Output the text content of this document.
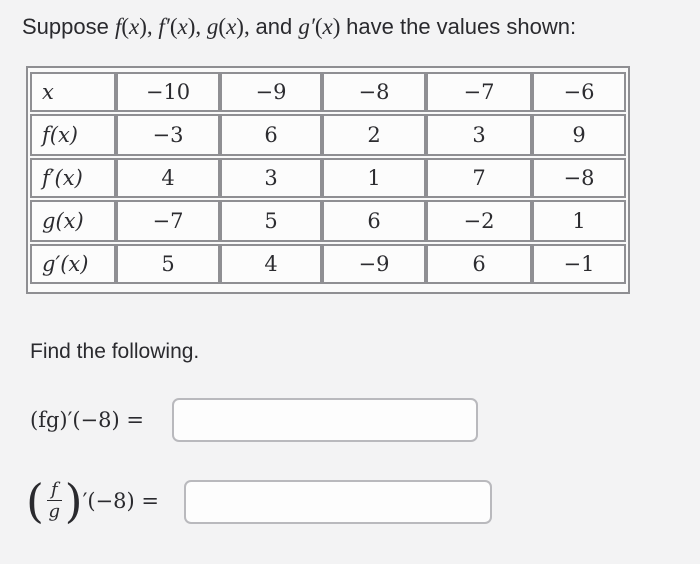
Suppose f(x), f′(x), g(x), and g′(x) have the values shown:
x	−10	−9	−8	−7	−6
f(x)	−3	6	2	3	9
f′(x)	4	3	1	7	−8
g(x)	−7	5	6	−2	1
g′(x)	5	4	−9	6	−1
Find the following.
(fg)′(−8) =
( $\frac{f}{g}$ ) ′(−8) =
